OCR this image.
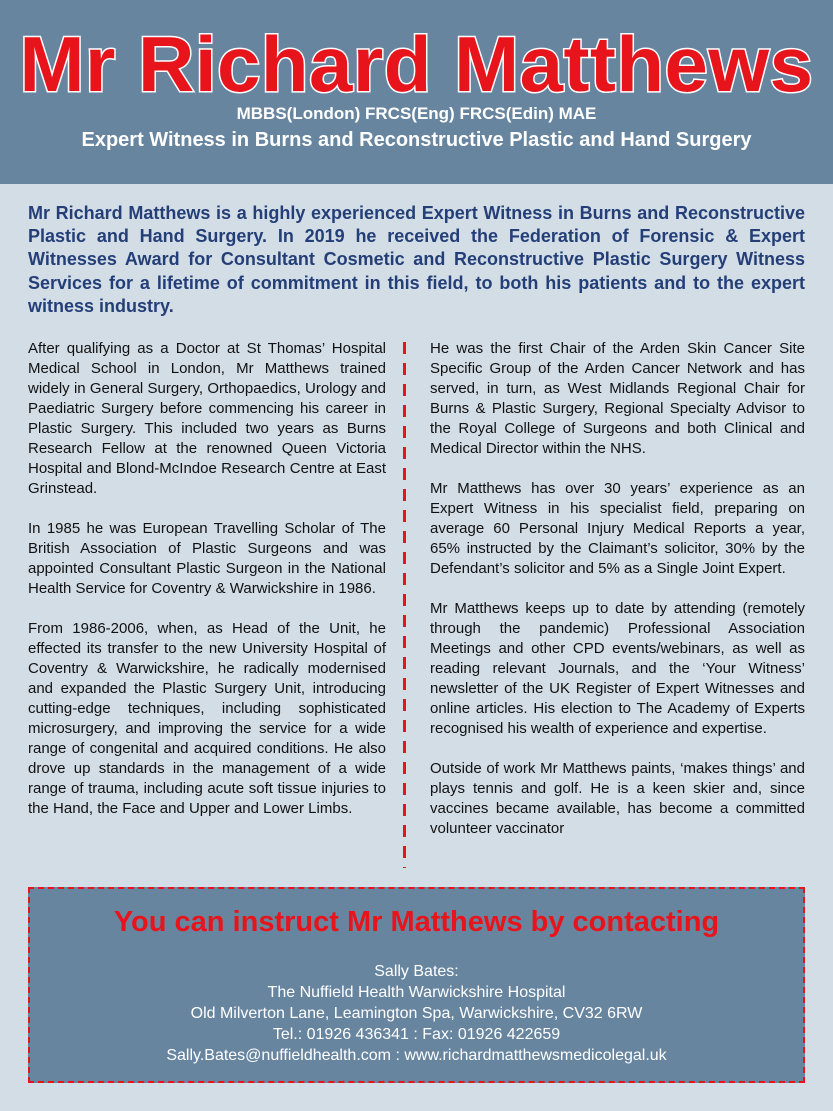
Mr Richard Matthews
MBBS(London) FRCS(Eng) FRCS(Edin) MAE
Expert Witness in Burns and Reconstructive Plastic and Hand Surgery

Mr Richard Matthews is a highly experienced Expert Witness in Burns and Reconstructive Plastic and Hand Surgery. In 2019 he received the Federation of Forensic & Expert Witnesses Award for Consultant Cosmetic and Reconstructive Plastic Surgery Witness Services for a lifetime of commitment in this field, to both his patients and to the expert witness industry.

After qualifying as a Doctor at St Thomas’ Hospital Medical School in London, Mr Matthews trained widely in General Surgery, Orthopaedics, Urology and Paediatric Surgery before commencing his career in Plastic Surgery. This included two years as Burns Research Fellow at the renowned Queen Victoria Hospital and Blond-McIndoe Research Centre at East Grinstead.

In 1985 he was European Travelling Scholar of The British Association of Plastic Surgeons and was appointed Consultant Plastic Surgeon in the National Health Service for Coventry & Warwickshire in 1986.

From 1986-2006, when, as Head of the Unit, he effected its transfer to the new University Hospital of Coventry & Warwickshire, he radically modernised and expanded the Plastic Surgery Unit, introducing cutting-edge techniques, including sophisticated microsurgery, and improving the service for a wide range of congenital and acquired conditions. He also drove up standards in the management of a wide range of trauma, including acute soft tissue injuries to the Hand, the Face and Upper and Lower Limbs.

He was the first Chair of the Arden Skin Cancer Site Specific Group of the Arden Cancer Network and has served, in turn, as West Midlands Regional Chair for Burns & Plastic Surgery, Regional Specialty Advisor to the Royal College of Surgeons and both Clinical and Medical Director within the NHS.

Mr Matthews has over 30 years’ experience as an Expert Witness in his specialist field, preparing on average 60 Personal Injury Medical Reports a year, 65% instructed by the Claimant’s solicitor, 30% by the Defendant’s solicitor and 5% as a Single Joint Expert.

Mr Matthews keeps up to date by attending (remotely through the pandemic) Professional Association Meetings and other CPD events/webinars, as well as reading relevant Journals, and the ‘Your Witness’ newsletter of the UK Register of Expert Witnesses and online articles. His election to The Academy of Experts recognised his wealth of experience and expertise.

Outside of work Mr Matthews paints, ‘makes things’ and plays tennis and golf. He is a keen skier and, since vaccines became available, has become a committed volunteer vaccinator

You can instruct Mr Matthews by contacting
Sally Bates:
The Nuffield Health Warwickshire Hospital
Old Milverton Lane, Leamington Spa, Warwickshire, CV32 6RW
Tel.: 01926 436341 : Fax: 01926 422659
Sally.Bates@nuffieldhealth.com : www.richardmatthewsmedicolegal.uk
